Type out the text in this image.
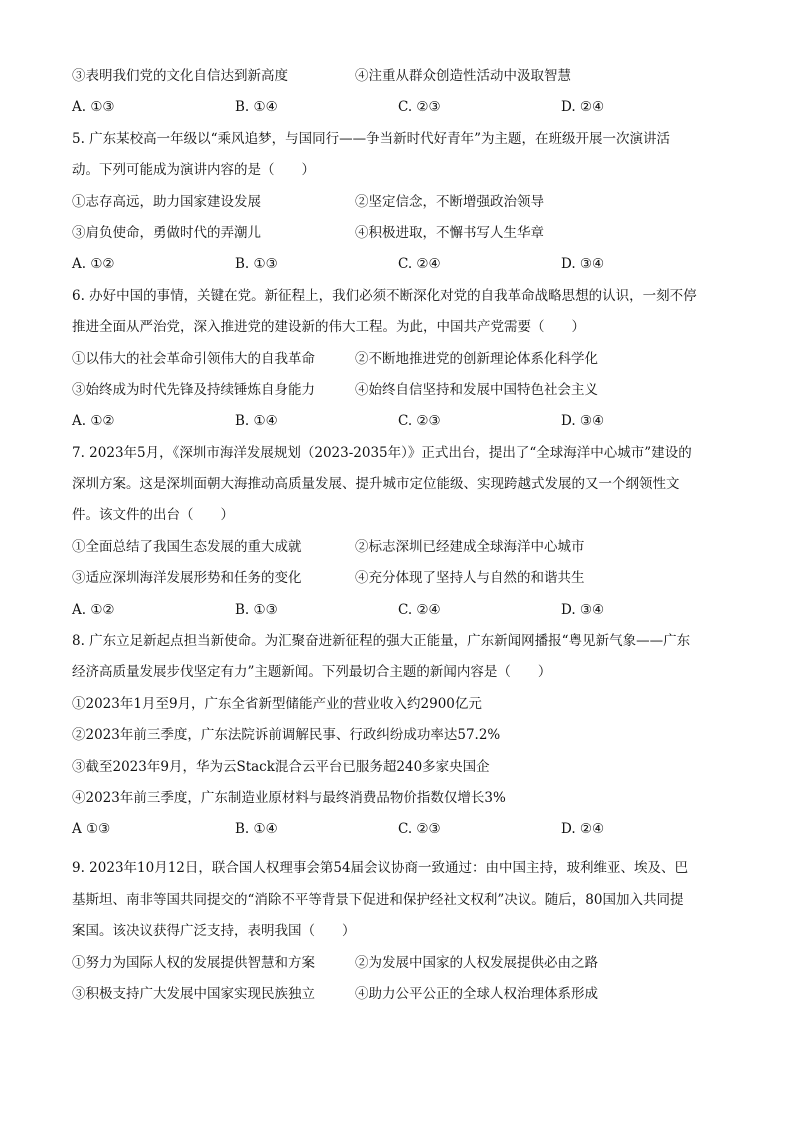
③表明我们党的文化自信达到新高度	④注重从群众创造性活动中汲取智慧
A. ①③	B. ①④	C. ②③	D. ②④
5. 广东某校高一年级以“乘风追梦，与国同行——争当新时代好青年”为主题，在班级开展一次演讲活
动。下列可能成为演讲内容的是（　　）
①志存高远，助力国家建设发展	②坚定信念，不断增强政治领导
③肩负使命，勇做时代的弄潮儿	④积极进取，不懈书写人生华章
A. ①②	B. ①③	C. ②④	D. ③④
6. 办好中国的事情，关键在党。新征程上，我们必须不断深化对党的自我革命战略思想的认识，一刻不停
推进全面从严治党，深入推进党的建设新的伟大工程。为此，中国共产党需要（　　）
①以伟大的社会革命引领伟大的自我革命	②不断地推进党的创新理论体系化科学化
③始终成为时代先锋及持续锤炼自身能力	④始终自信坚持和发展中国特色社会主义
A. ①②	B. ①④	C. ②③	D. ③④
7. 2023年5月，《深圳市海洋发展规划（2023-2035年）》正式出台，提出了“全球海洋中心城市”建设的
深圳方案。这是深圳面朝大海推动高质量发展、提升城市定位能级、实现跨越式发展的又一个纲领性文
件。该文件的出台（　　）
①全面总结了我国生态发展的重大成就	②标志深圳已经建成全球海洋中心城市
③适应深圳海洋发展形势和任务的变化	④充分体现了坚持人与自然的和谐共生
A. ①②	B. ①③	C. ②④	D. ③④
8. 广东立足新起点担当新使命。为汇聚奋进新征程的强大正能量，广东新闻网播报“粤见新气象——广东
经济高质量发展步伐坚定有力”主题新闻。下列最切合主题的新闻内容是（　　）
①2023年1月至9月，广东全省新型储能产业的营业收入约2900亿元
②2023年前三季度，广东法院诉前调解民事、行政纠纷成功率达57.2%
③截至2023年9月，华为云Stack混合云平台已服务超240多家央国企
④2023年前三季度，广东制造业原材料与最终消费品物价指数仅增长3%
A ①③	B. ①④	C. ②③	D. ②④
9. 2023年10月12日，联合国人权理事会第54届会议协商一致通过：由中国主持，玻利维亚、埃及、巴
基斯坦、南非等国共同提交的“消除不平等背景下促进和保护经社文权利”决议。随后，80国加入共同提
案国。该决议获得广泛支持，表明我国（　　）
①努力为国际人权的发展提供智慧和方案	②为发展中国家的人权发展提供必由之路
③积极支持广大发展中国家实现民族独立	④助力公平公正的全球人权治理体系形成
